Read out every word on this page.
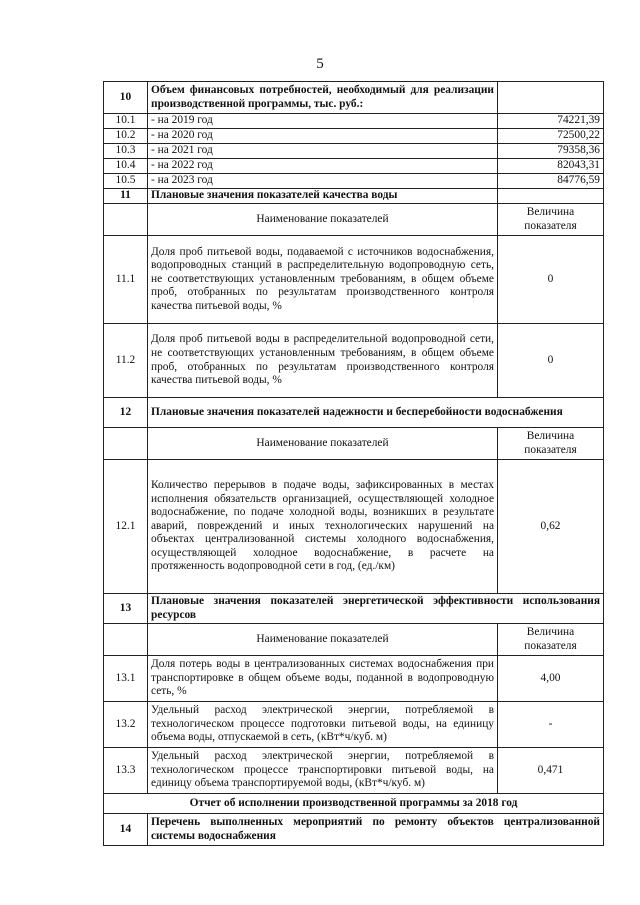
5
10	Объем финансовых потребностей, необходимый для реализации производственной программы, тыс. руб.:	
10.1	- на 2019 год	74221,39
10.2	- на 2020 год	72500,22
10.3	- на 2021 год	79358,36
10.4	- на 2022 год	82043,31
10.5	- на 2023 год	84776,59
11	Плановые значения показателей качества воды	
	Наименование показателей	Величина показателя
11.1	Доля проб питьевой воды, подаваемой с источников водоснабжения, водопроводных станций в распределительную водопроводную сеть, не соответствующих установленным требованиям, в общем объеме проб, отобранных по результатам производственного контроля качества питьевой воды, %	0
11.2	Доля проб питьевой воды в распределительной водопроводной сети, не соответствующих установленным требованиям, в общем объеме проб, отобранных по результатам производственного контроля качества питьевой воды, %	0
12	Плановые значения показателей надежности и бесперебойности водоснабжения	
	Наименование показателей	Величина показателя
12.1	Количество перерывов в подаче воды, зафиксированных в местах исполнения обязательств организацией, осуществляющей холодное водоснабжение, по подаче холодной воды, возникших в результате аварий, повреждений и иных технологических нарушений на объектах централизованной системы холодного водоснабжения, осуществляющей холодное водоснабжение, в расчете на протяженность водопроводной сети в год, (ед./км)	0,62
13	Плановые значения показателей энергетической эффективности использования ресурсов	
	Наименование показателей	Величина показателя
13.1	Доля потерь воды в централизованных системах водоснабжения при транспортировке в общем объеме воды, поданной в водопроводную сеть, %	4,00
13.2	Удельный расход электрической энергии, потребляемой в технологическом процессе подготовки питьевой воды, на единицу объема воды, отпускаемой в сеть, (кВт*ч/куб. м)	-
13.3	Удельный расход электрической энергии, потребляемой в технологическом процессе транспортировки питьевой воды, на единицу объема транспортируемой воды, (кВт*ч/куб. м)	0,471
Отчет об исполнении производственной программы за 2018 год		
14	Перечень выполненных мероприятий по ремонту объектов централизованной системы водоснабжения	
